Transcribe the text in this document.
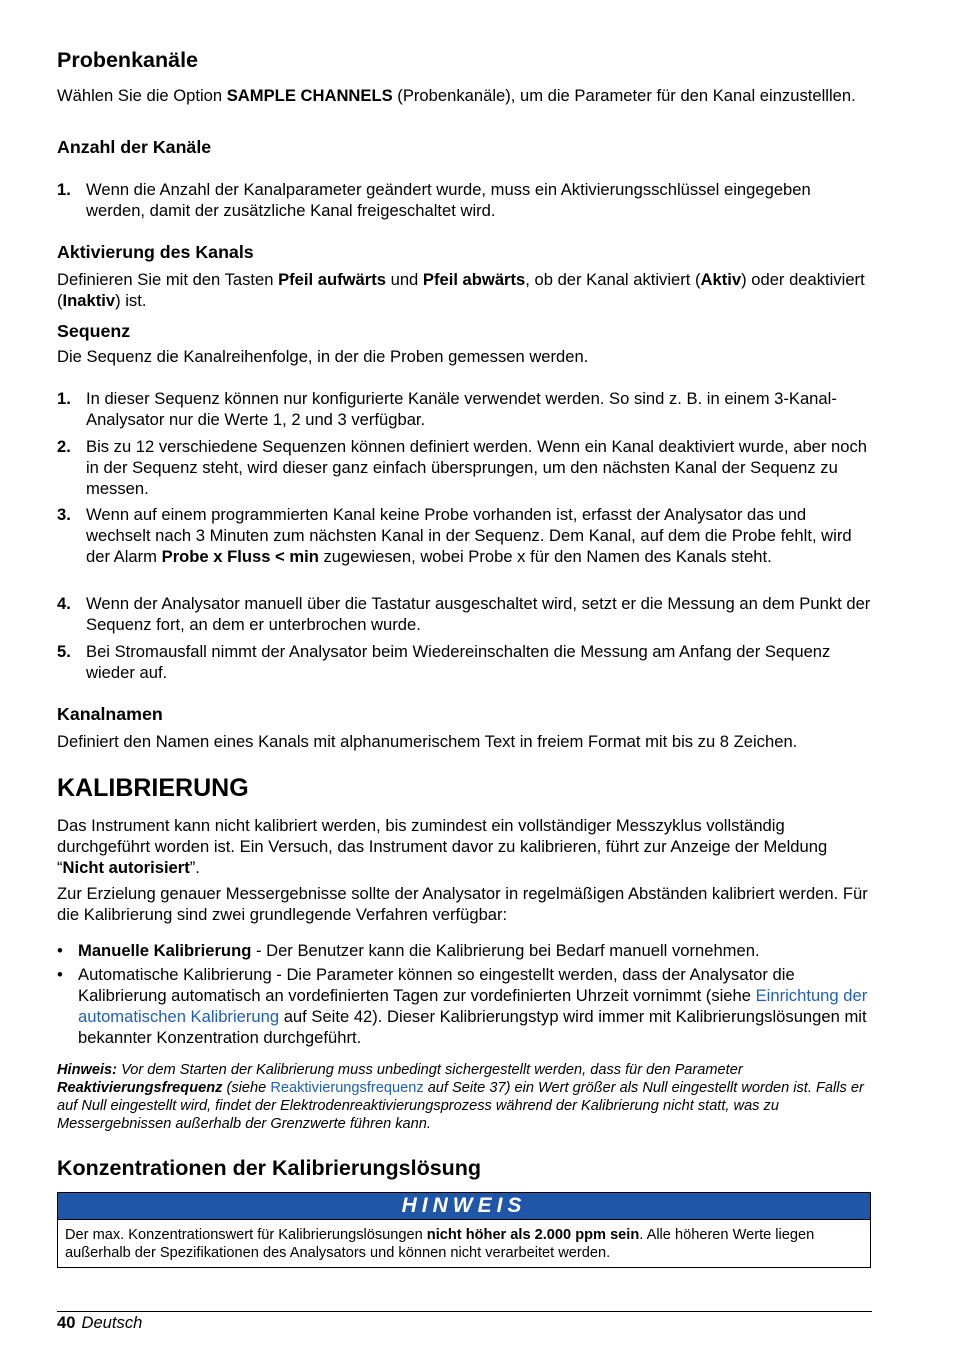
Probenkanäle

Wählen Sie die Option SAMPLE CHANNELS (Probenkanäle), um die Parameter für den Kanal einzustelllen.

Anzahl der Kanäle
1. Wenn die Anzahl der Kanalparameter geändert wurde, muss ein Aktivierungsschlüssel eingegeben werden, damit der zusätzliche Kanal freigeschaltet wird.

Aktivierung des Kanals

Definieren Sie mit den Tasten Pfeil aufwärts und Pfeil abwärts, ob der Kanal aktiviert (Aktiv) oder deaktiviert (Inaktiv) ist.

Sequenz

Die Sequenz die Kanalreihenfolge, in der die Proben gemessen werden.

1. In dieser Sequenz können nur konfigurierte Kanäle verwendet werden. So sind z. B. in einem 3-Kanal-Analysator nur die Werte 1, 2 und 3 verfügbar.

2. Bis zu 12 verschiedene Sequenzen können definiert werden. Wenn ein Kanal deaktiviert wurde, aber noch in der Sequenz steht, wird dieser ganz einfach übersprungen, um den nächsten Kanal der Sequenz zu messen.

3. Wenn auf einem programmierten Kanal keine Probe vorhanden ist, erfasst der Analysator das und wechselt nach 3 Minuten zum nächsten Kanal in der Sequenz. Dem Kanal, auf dem die Probe fehlt, wird der Alarm Probe x Fluss < min zugewiesen, wobei Probe x für den Namen des Kanals steht.

4. Wenn der Analysator manuell über die Tastatur ausgeschaltet wird, setzt er die Messung an dem Punkt der Sequenz fort, an dem er unterbrochen wurde.

5. Bei Stromausfall nimmt der Analysator beim Wiedereinschalten die Messung am Anfang der Sequenz wieder auf.

Kanalnamen

Definiert den Namen eines Kanals mit alphanumerischem Text in freiem Format mit bis zu 8 Zeichen.

KALIBRIERUNG

Das Instrument kann nicht kalibriert werden, bis zumindest ein vollständiger Messzyklus vollständig durchgeführt worden ist. Ein Versuch, das Instrument davor zu kalibrieren, führt zur Anzeige der Meldung “Nicht autorisiert”.

Zur Erzielung genauer Messergebnisse sollte der Analysator in regelmäßigen Abständen kalibriert werden. Für die Kalibrierung sind zwei grundlegende Verfahren verfügbar:

• Manuelle Kalibrierung - Der Benutzer kann die Kalibrierung bei Bedarf manuell vornehmen.

• Automatische Kalibrierung - Die Parameter können so eingestellt werden, dass der Analysator die Kalibrierung automatisch an vordefinierten Tagen zur vordefinierten Uhrzeit vornimmt (siehe Einrichtung der automatischen Kalibrierung auf Seite 42). Dieser Kalibrierungstyp wird immer mit Kalibrierungslösungen mit bekannter Konzentration durchgeführt.

Hinweis: Vor dem Starten der Kalibrierung muss unbedingt sichergestellt werden, dass für den Parameter Reaktivierungsfrequenz (siehe Reaktivierungsfrequenz auf Seite 37) ein Wert größer als Null eingestellt worden ist. Falls er auf Null eingestellt wird, findet der Elektrodenreaktivierungsprozess während der Kalibrierung nicht statt, was zu Messergebnissen außerhalb der Grenzwerte führen kann.

Konzentrationen der Kalibrierungslösung
HINWEIS
Der max. Konzentrationswert für Kalibrierungslösungen nicht höher als 2.000 ppm sein. Alle höheren Werte liegen außerhalb der Spezifikationen des Analysators und können nicht verarbeitet werden.
40 Deutsch
